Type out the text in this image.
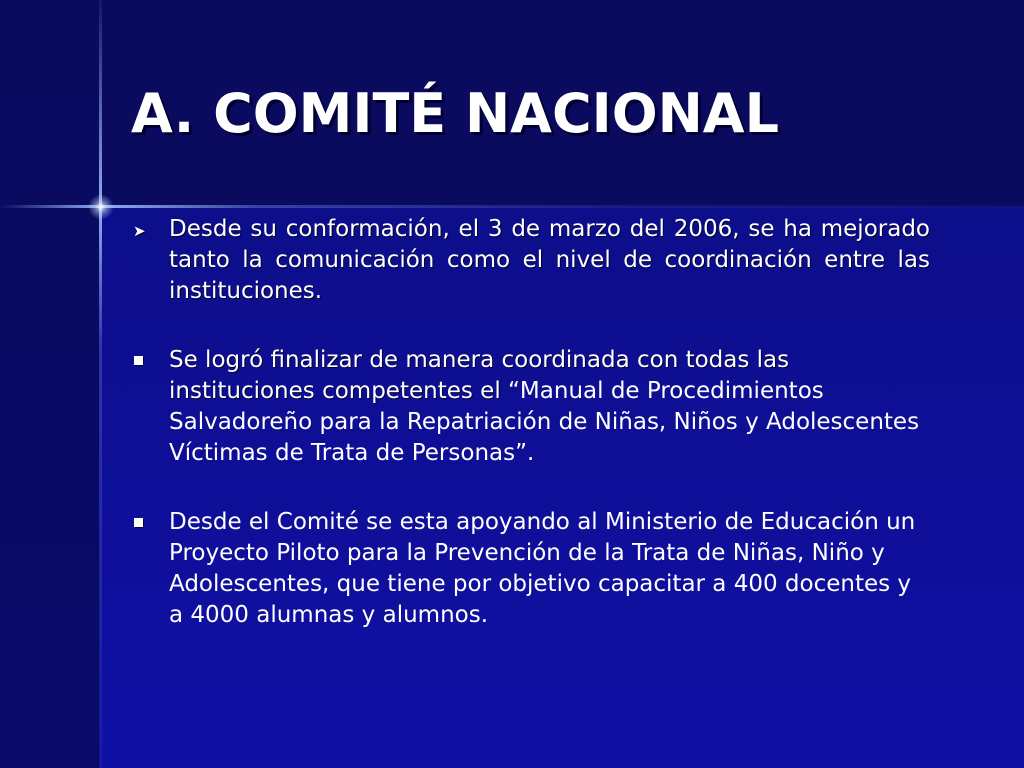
A. COMITÉ NACIONAL
➤ Desde su conformación, el 3 de marzo del 2006, se ha mejorado tanto la comunicación como el nivel de coordinación entre las instituciones.
Se logró finalizar de manera coordinada con todas las instituciones competentes el “Manual de Procedimientos Salvadoreño para la Repatriación de Niñas, Niños y Adolescentes Víctimas de Trata de Personas”.
Desde el Comité se esta apoyando al Ministerio de Educación un Proyecto Piloto para la Prevención de la Trata de Niñas, Niño y Adolescentes, que tiene por objetivo capacitar a 400 docentes y a 4000 alumnas y alumnos.
